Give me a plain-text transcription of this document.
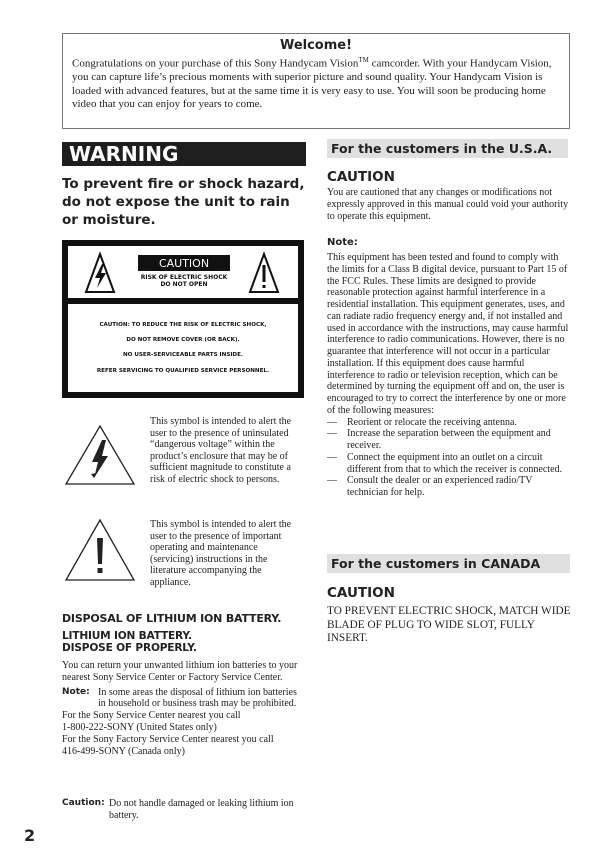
Welcome!

Congratulations on your purchase of this Sony Handycam Vision™ camcorder. With your Handycam Vision, you can capture life’s precious moments with superior picture and sound quality. Your Handycam Vision is loaded with advanced features, but at the same time it is very easy to use. You will soon be producing home video that you can enjoy for years to come.

WARNING
To prevent fire or shock hazard, do not expose the unit to rain or moisture.
CAUTION
RISK OF ELECTRIC SHOCK
DO NOT OPEN
CAUTION: TO REDUCE THE RISK OF ELECTRIC SHOCK,
DO NOT REMOVE COVER (OR BACK).
NO USER-SERVICEABLE PARTS INSIDE.
REFER SERVICING TO QUALIFIED SERVICE PERSONNEL.
This symbol is intended to alert the user to the presence of uninsulated “dangerous voltage” within the product’s enclosure that may be of sufficient magnitude to constitute a risk of electric shock to persons.
This symbol is intended to alert the user to the presence of important operating and maintenance (servicing) instructions in the literature accompanying the appliance.
DISPOSAL OF LITHIUM ION BATTERY.
LITHIUM ION BATTERY.
DISPOSE OF PROPERLY.
You can return your unwanted lithium ion batteries to your nearest Sony Service Center or Factory Service Center.
Note: In some areas the disposal of lithium ion batteries in household or business trash may be prohibited.
For the Sony Service Center nearest you call
1-800-222-SONY (United States only)
For the Sony Factory Service Center nearest you call
416-499-SONY (Canada only)
Caution: Do not handle damaged or leaking lithium ion battery.
2
For the customers in the U.S.A.
CAUTION
You are cautioned that any changes or modifications not expressly approved in this manual could void your authority to operate this equipment.
Note:
This equipment has been tested and found to comply with the limits for a Class B digital device, pursuant to Part 15 of the FCC Rules. These limits are designed to provide reasonable protection against harmful interference in a residential installation. This equipment generates, uses, and can radiate radio frequency energy and, if not installed and used in accordance with the instructions, may cause harmful interference to radio communications. However, there is no guarantee that interference will not occur in a particular installation. If this equipment does cause harmful interference to radio or television reception, which can be determined by turning the equipment off and on, the user is encouraged to try to correct the interference by one or more of the following measures:
— Reorient or relocate the receiving antenna.
— Increase the separation between the equipment and receiver.
— Connect the equipment into an outlet on a circuit different from that to which the receiver is connected.
— Consult the dealer or an experienced radio/TV technician for help.
For the customers in CANADA
CAUTION
TO PREVENT ELECTRIC SHOCK, MATCH WIDE BLADE OF PLUG TO WIDE SLOT, FULLY INSERT.
